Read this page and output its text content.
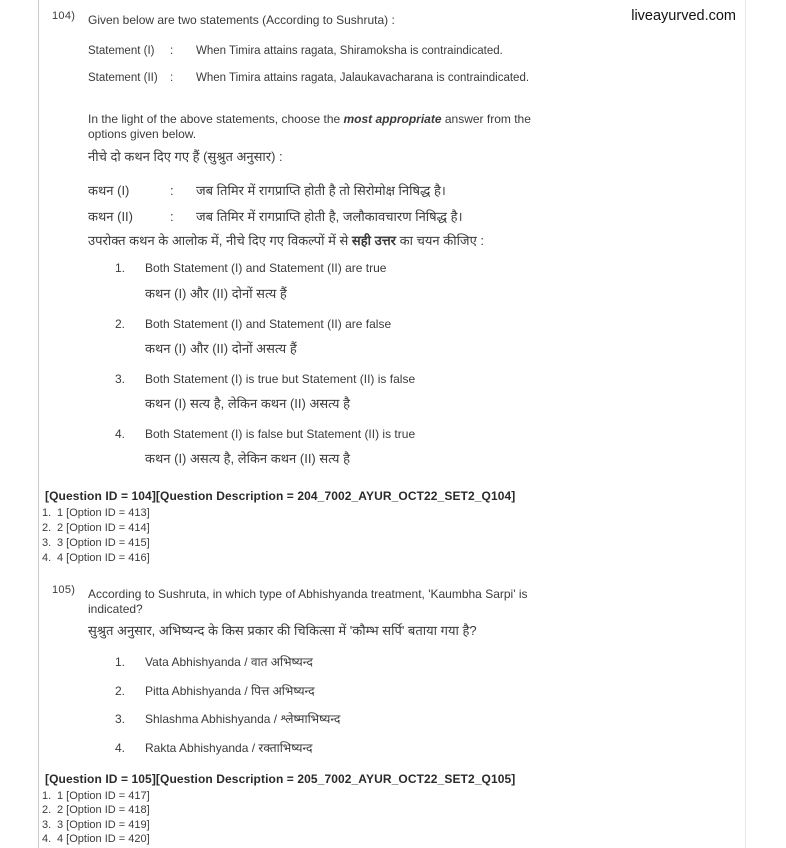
liveayurved.com
104) Given below are two statements (According to Sushruta) :

Statement (I)	:	When Timira attains ragata, Shiramoksha is contraindicated.
Statement (II)	:	When Timira attains ragata, Jalaukavacharana is contraindicated.

In the light of the above statements, choose the most appropriate answer from the options given below.

नीचे दो कथन दिए गए हैं (सुश्रुत अनुसार) :

कथन (I)	:	जब तिमिर में रागप्राप्ति होती है तो सिरोमोक्ष निषिद्ध है।
कथन (II)	:	जब तिमिर में रागप्राप्ति होती है, जलौकावचारण निषिद्ध है।

उपरोक्त कथन के आलोक में, नीचे दिए गए विकल्पों में से सही उत्तर का चयन कीजिए :

1.	Both Statement (I) and Statement (II) are true

कथन (I) और (II) दोनों सत्य हैं

2.	Both Statement (I) and Statement (II) are false

कथन (I) और (II) दोनों असत्य हैं

3.	Both Statement (I) is true but Statement (II) is false

कथन (I) सत्य है, लेकिन कथन (II) असत्य है

4.	Both Statement (I) is false but Statement (II) is true

कथन (I) असत्य है, लेकिन कथन (II) सत्य है

[Question ID = 104][Question Description = 204_7002_AYUR_OCT22_SET2_Q104]
1. 1 [Option ID = 413]
2. 2 [Option ID = 414]
3. 3 [Option ID = 415]
4. 4 [Option ID = 416]
105) According to Sushruta, in which type of Abhishyanda treatment, 'Kaumbha Sarpi' is indicated?

सुश्रुत अनुसार, अभिष्यन्द के किस प्रकार की चिकित्सा में 'कौम्भ सर्पि' बताया गया है?

1.	Vata Abhishyanda / वात अभिष्यन्द
2.	Pitta Abhishyanda / पित्त अभिष्यन्द
3.	Shlashma Abhishyanda / श्लेष्माभिष्यन्द
4.	Rakta Abhishyanda / रक्ताभिष्यन्द
[Question ID = 105][Question Description = 205_7002_AYUR_OCT22_SET2_Q105]
1. 1 [Option ID = 417]
2. 2 [Option ID = 418]
3. 3 [Option ID = 419]
4. 4 [Option ID = 420]
